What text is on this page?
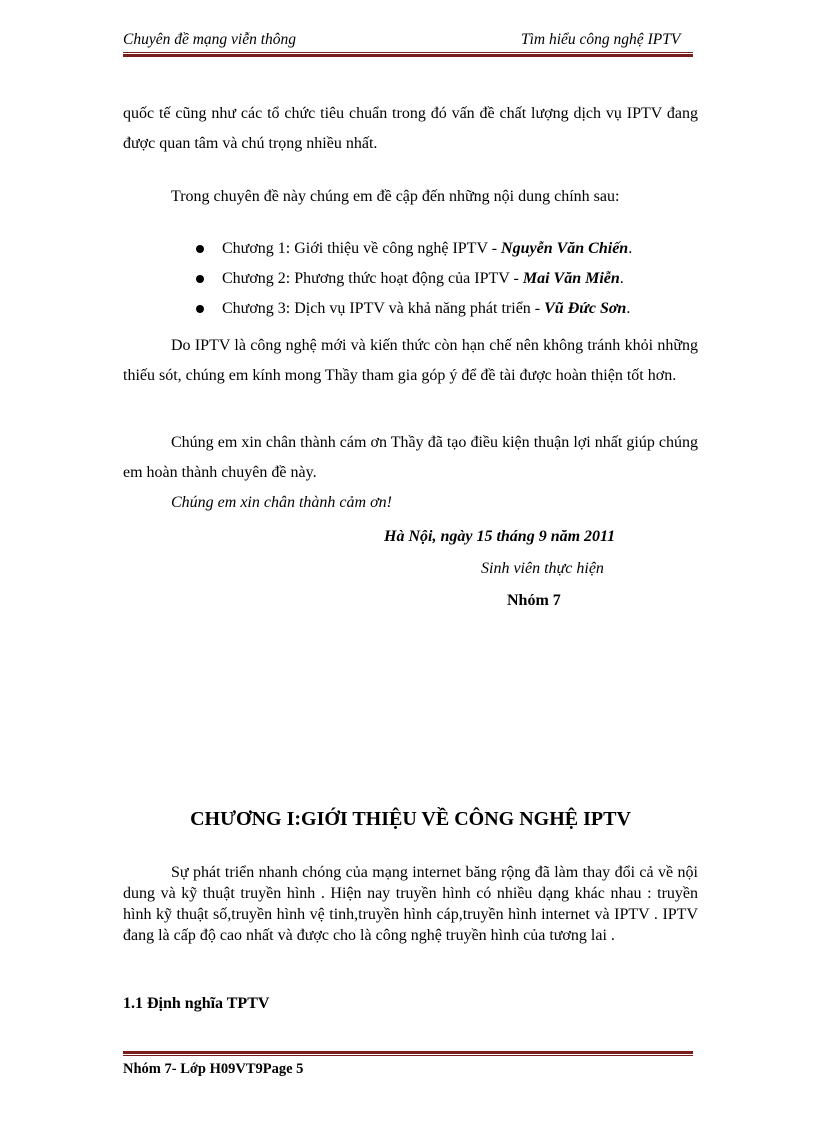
Chuyên đề mạng viễn thông	Tìm hiểu công nghệ IPTV
quốc tế cũng như các tổ chức tiêu chuẩn trong đó vấn đề chất lượng dịch vụ IPTV đang được quan tâm và chú trọng nhiều nhất.
Trong chuyên đề này chúng em đề cập đến những nội dung chính sau:
Chương 1: Giới thiệu về công nghệ IPTV - Nguyễn Văn Chiến.
Chương 2: Phương thức hoạt động của IPTV - Mai Văn Miễn.
Chương 3: Dịch vụ IPTV và khả năng phát triển - Vũ Đức Sơn.
Do IPTV là công nghệ mới và kiến thức còn hạn chế nên không tránh khỏi những thiếu sót, chúng em kính mong Thầy tham gia góp ý để đề tài được hoàn thiện tốt hơn.
Chúng em xin chân thành cám ơn Thầy đã tạo điều kiện thuận lợi nhất giúp chúng em hoàn thành chuyên đề này.
Chúng em xin chân thành cảm ơn!
Hà Nội, ngày 15 tháng 9 năm 2011
Sinh viên thực hiện
Nhóm 7
CHƯƠNG I:GIỚI THIỆU VỀ CÔNG NGHỆ IPTV
Sự phát triển nhanh chóng của mạng internet băng rộng đã làm thay đổi cả về nội dung và kỹ thuật truyền hình . Hiện nay truyền hình có nhiều dạng khác nhau : truyền hình kỹ thuật số,truyền hình vệ tinh,truyền hình cáp,truyền hình internet và IPTV . IPTV đang là cấp độ cao nhất và được cho là công nghệ truyền hình của tương lai .
1.1 Định nghĩa TPTV
Nhóm 7- Lớp H09VT9Page 5
